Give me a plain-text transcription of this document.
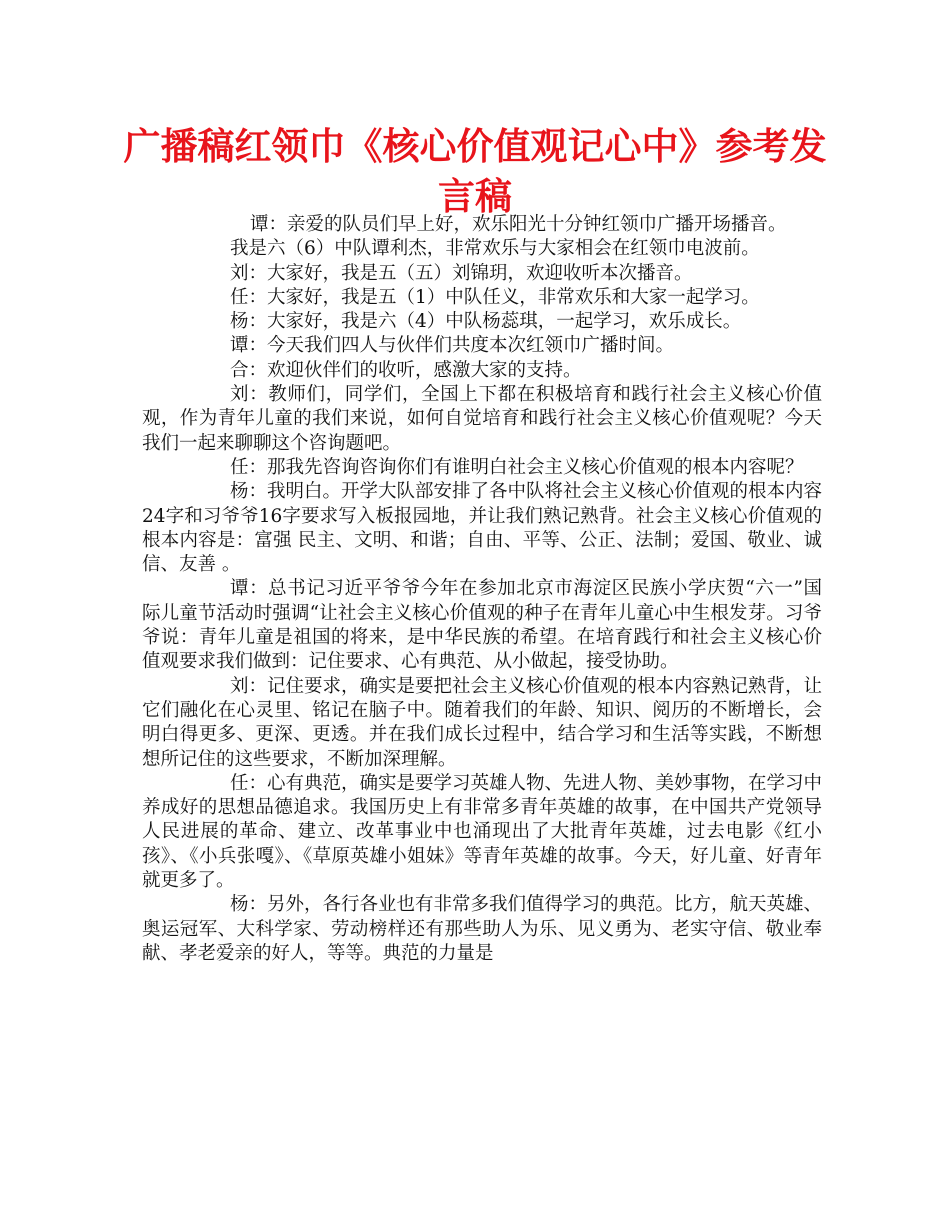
广播稿红领巾《核心价值观记心中》参考发言稿

谭：亲爱的队员们早上好，欢乐阳光十分钟红领巾广播开场播音。

我是六（6）中队谭利杰，非常欢乐与大家相会在红领巾电波前。

刘：大家好，我是五（五）刘锦玥，欢迎收听本次播音。

任：大家好，我是五（1）中队任义，非常欢乐和大家一起学习。

杨：大家好，我是六（4）中队杨蕊琪，一起学习，欢乐成长。

谭：今天我们四人与伙伴们共度本次红领巾广播时间。

合：欢迎伙伴们的收听，感激大家的支持。

刘：教师们，同学们，全国上下都在积极培育和践行社会主义核心价值观，作为青年儿童的我们来说，如何自觉培育和践行社会主义核心价值观呢？今天我们一起来聊聊这个咨询题吧。

任：那我先咨询咨询你们有谁明白社会主义核心价值观的根本内容呢？

杨：我明白。开学大队部安排了各中队将社会主义核心价值观的根本内容24字和习爷爷16字要求写入板报园地，并让我们熟记熟背。社会主义核心价值观的根本内容是：富强 民主、文明、和谐；自由、平等、公正、法制；爱国、敬业、诚信、友善 。

谭：总书记习近平爷爷今年在参加北京市海淀区民族小学庆贺“六一”国际儿童节活动时强调“让社会主义核心价值观的种子在青年儿童心中生根发芽。习爷爷说：青年儿童是祖国的将来，是中华民族的希望。在培育践行和社会主义核心价值观要求我们做到：记住要求、心有典范、从小做起，接受协助。

刘：记住要求，确实是要把社会主义核心价值观的根本内容熟记熟背，让它们融化在心灵里、铭记在脑子中。随着我们的年龄、知识、阅历的不断增长，会明白得更多、更深、更透。并在我们成长过程中，结合学习和生活等实践，不断想想所记住的这些要求，不断加深理解。

任：心有典范，确实是要学习英雄人物、先进人物、美妙事物，在学习中养成好的思想品德追求。我国历史上有非常多青年英雄的故事，在中国共产党领导人民进展的革命、建立、改革事业中也涌现出了大批青年英雄，过去电影《红小孩》、《小兵张嘎》、《草原英雄小姐妹》等青年英雄的故事。今天，好儿童、好青年就更多了。

杨：另外，各行各业也有非常多我们值得学习的典范。比方，航天英雄、奥运冠军、大科学家、劳动榜样还有那些助人为乐、见义勇为、老实守信、敬业奉献、孝老爱亲的好人，等等。典范的力量是
